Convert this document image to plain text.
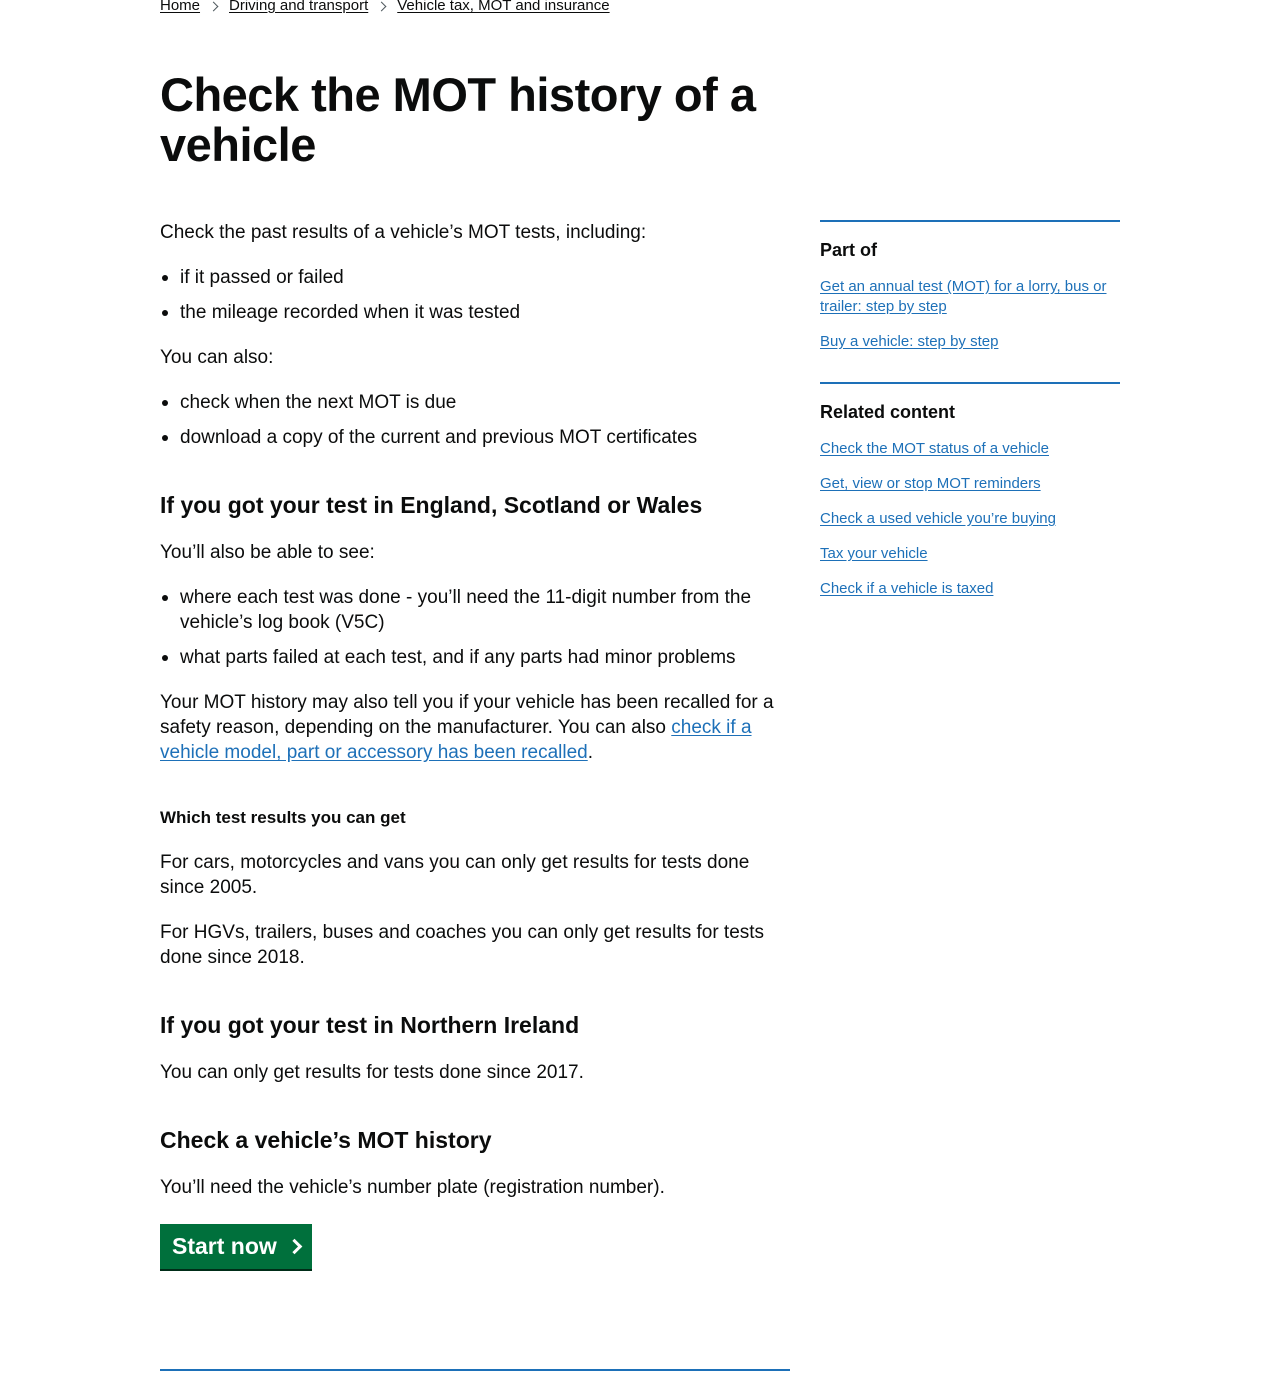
Home Driving and transport Vehicle tax, MOT and insurance
Check the MOT history of a vehicle

Check the past results of a vehicle’s MOT tests, including:

if it passed or failed
the mileage recorded when it was tested

You can also:

check when the next MOT is due
download a copy of the current and previous MOT certificates
If you got your test in England, Scotland or Wales

You’ll also be able to see:

where each test was done - you’ll need the 11-digit number from the vehicle’s log book (V5C)
what parts failed at each test, and if any parts had minor problems

Your MOT history may also tell you if your vehicle has been recalled for a safety reason, depending on the manufacturer. You can also check if a vehicle model, part or accessory has been recalled.

Which test results you can get

For cars, motorcycles and vans you can only get results for tests done since 2005.

For HGVs, trailers, buses and coaches you can only get results for tests done since 2018.

If you got your test in Northern Ireland

You can only get results for tests done since 2017.

Check a vehicle’s MOT history

You’ll need the vehicle’s number plate (registration number).

Start now
Part of
Get an annual test (MOT) for a lorry, bus or trailer: step by step
Buy a vehicle: step by step
Related content
Check the MOT status of a vehicle
Get, view or stop MOT reminders
Check a used vehicle you’re buying
Tax your vehicle
Check if a vehicle is taxed
